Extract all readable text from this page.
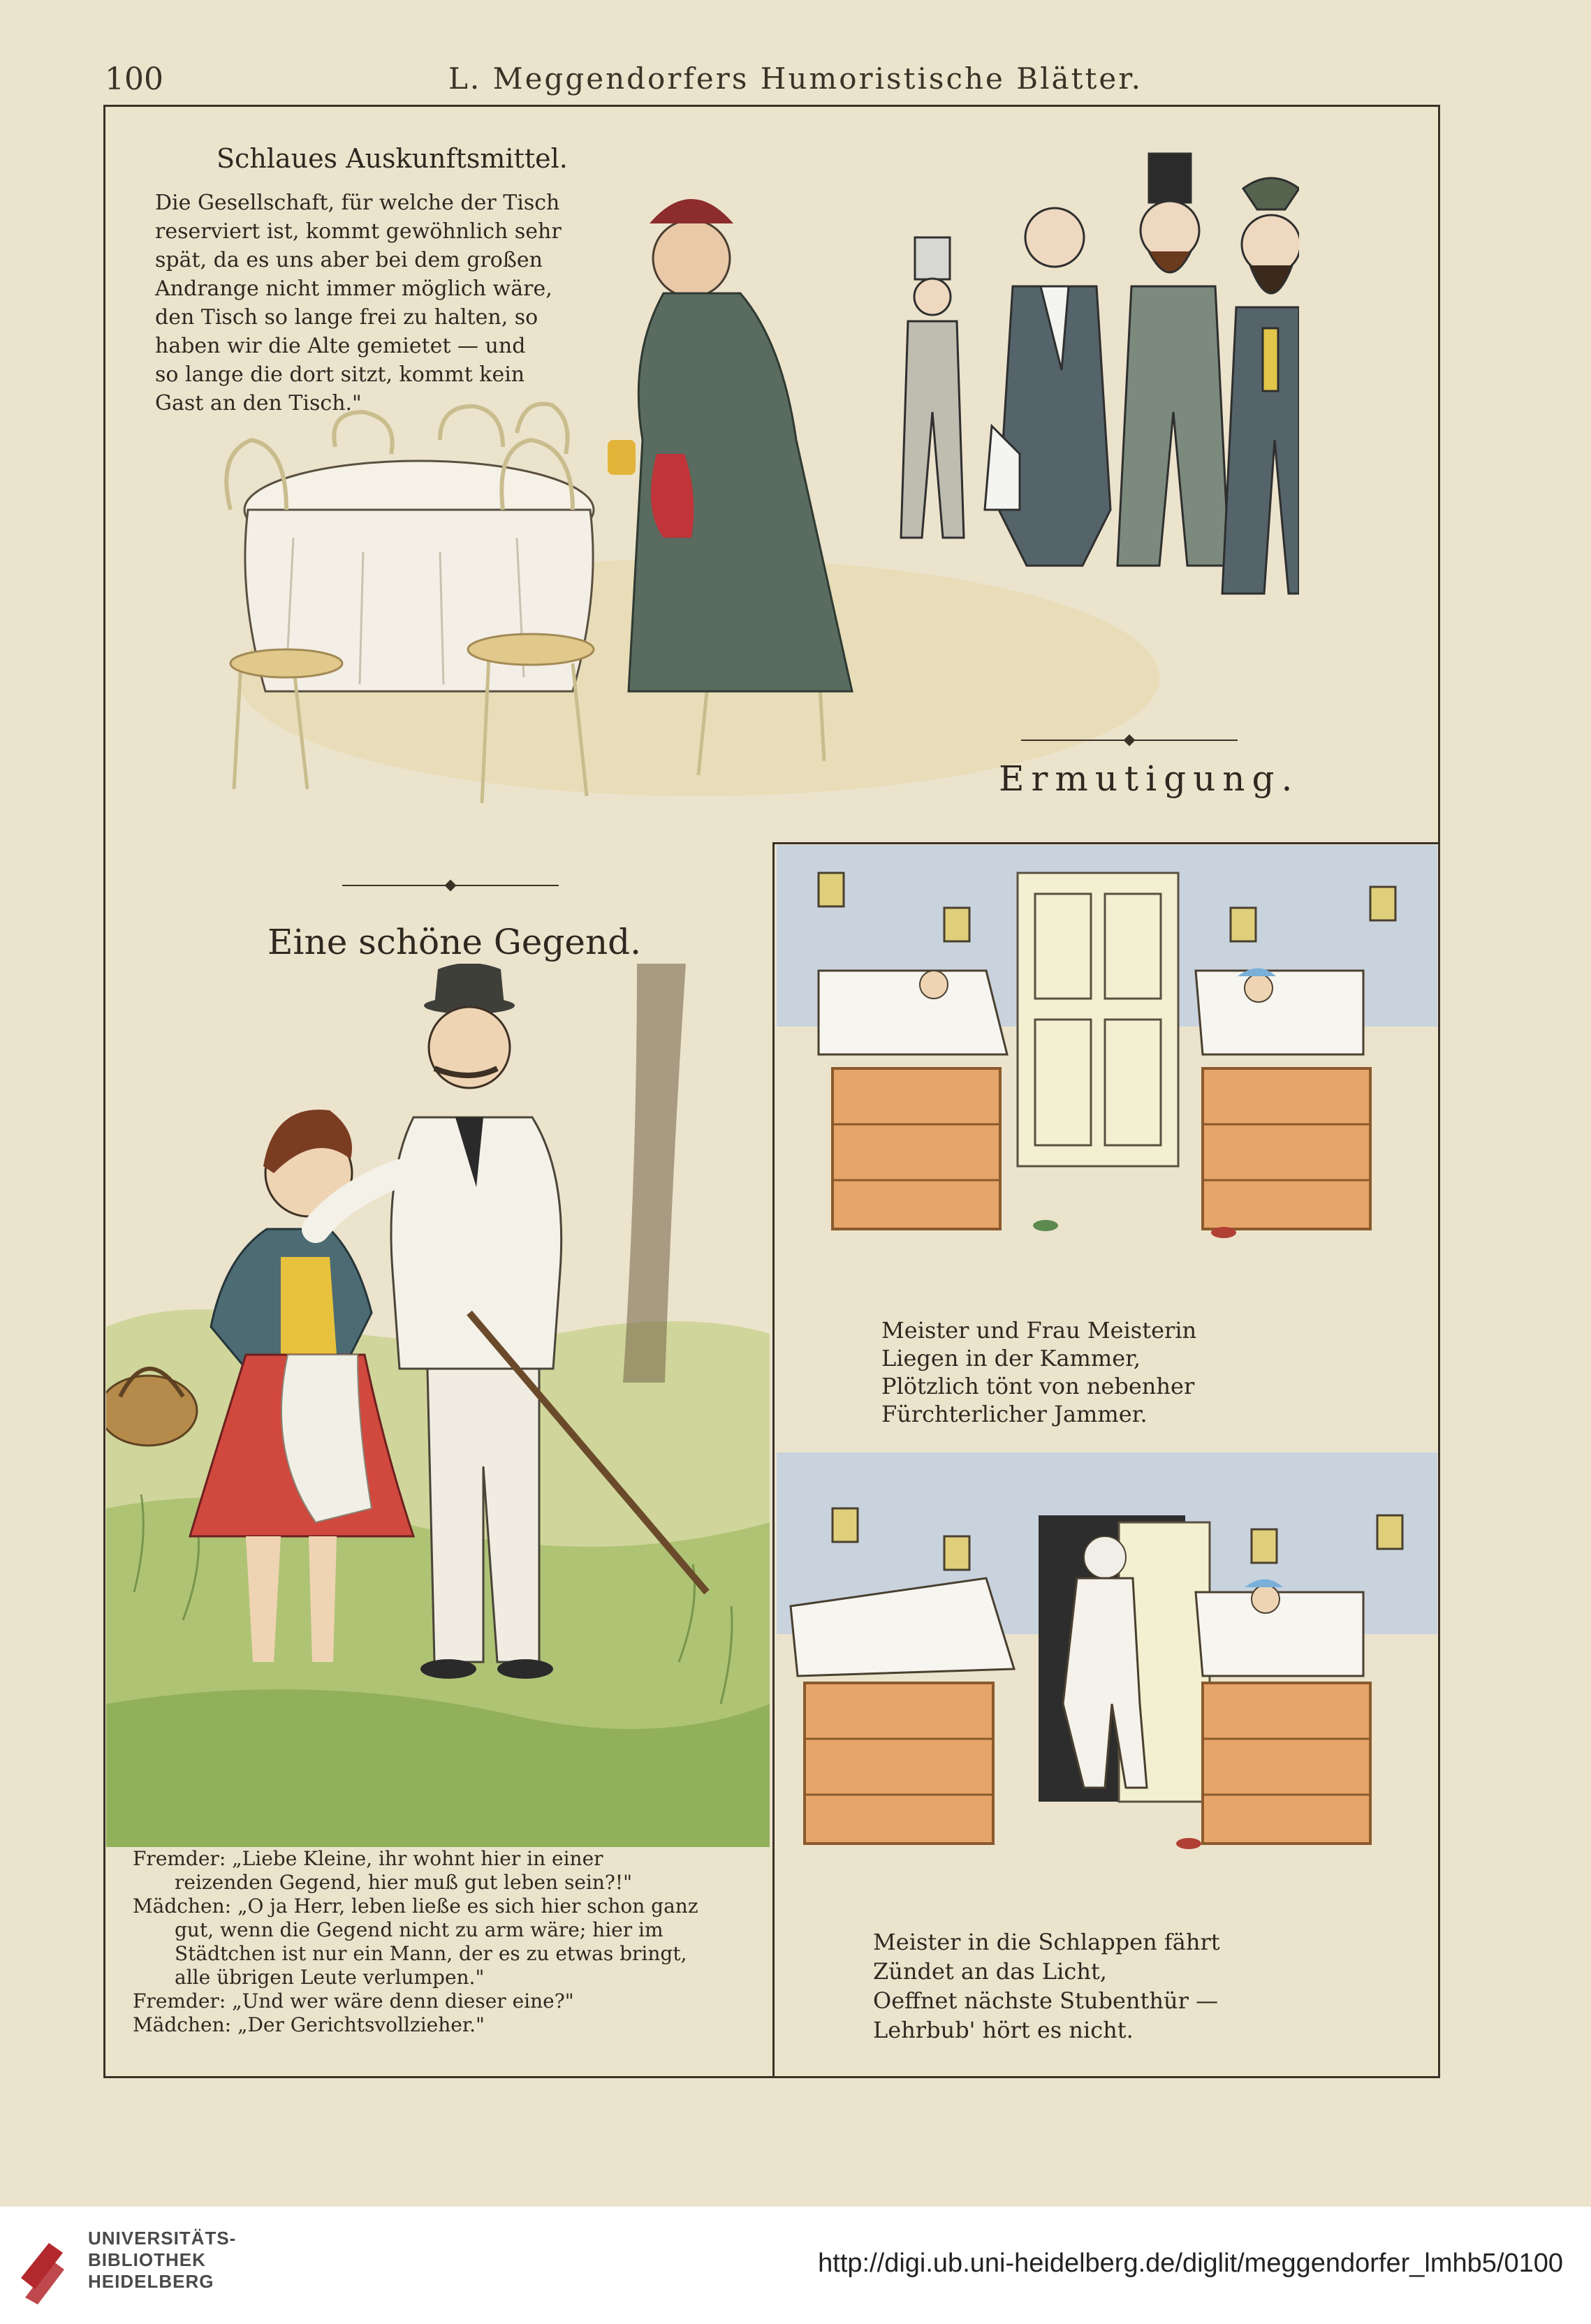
100	L. Meggendorfers Humoristische Blätter.
Schlaues Auskunftsmittel.
Die Gesellschaft, für welche der Tisch
reserviert ist, kommt gewöhnlich sehr
spät, da es uns aber bei dem großen
Andrange nicht immer möglich wäre,
den Tisch so lange frei zu halten, so
haben wir die Alte gemietet — und
so lange die dort sitzt, kommt kein
Gast an den Tisch."
Ermutigung.
Eine schöne Gegend.
Fremder: „Liebe Kleine, ihr wohnt hier in einer
reizenden Gegend, hier muß gut leben sein?!"
Mädchen: „O ja Herr, leben ließe es sich hier schon ganz
gut, wenn die Gegend nicht zu arm wäre; hier im
Städtchen ist nur ein Mann, der es zu etwas bringt,
alle übrigen Leute verlumpen."
Fremder: „Und wer wäre denn dieser eine?"
Mädchen: „Der Gerichtsvollzieher."
Meister und Frau Meisterin
Liegen in der Kammer,
Plötzlich tönt von nebenher
Fürchterlicher Jammer.
Meister in die Schlappen fährt
Zündet an das Licht,
Oeffnet nächste Stubenthür —
Lehrbub' hört es nicht.
UNIVERSITÄTS-
BIBLIOTHEK
HEIDELBERG
http://digi.ub.uni-heidelberg.de/diglit/meggendorfer_lmhb5/0100
